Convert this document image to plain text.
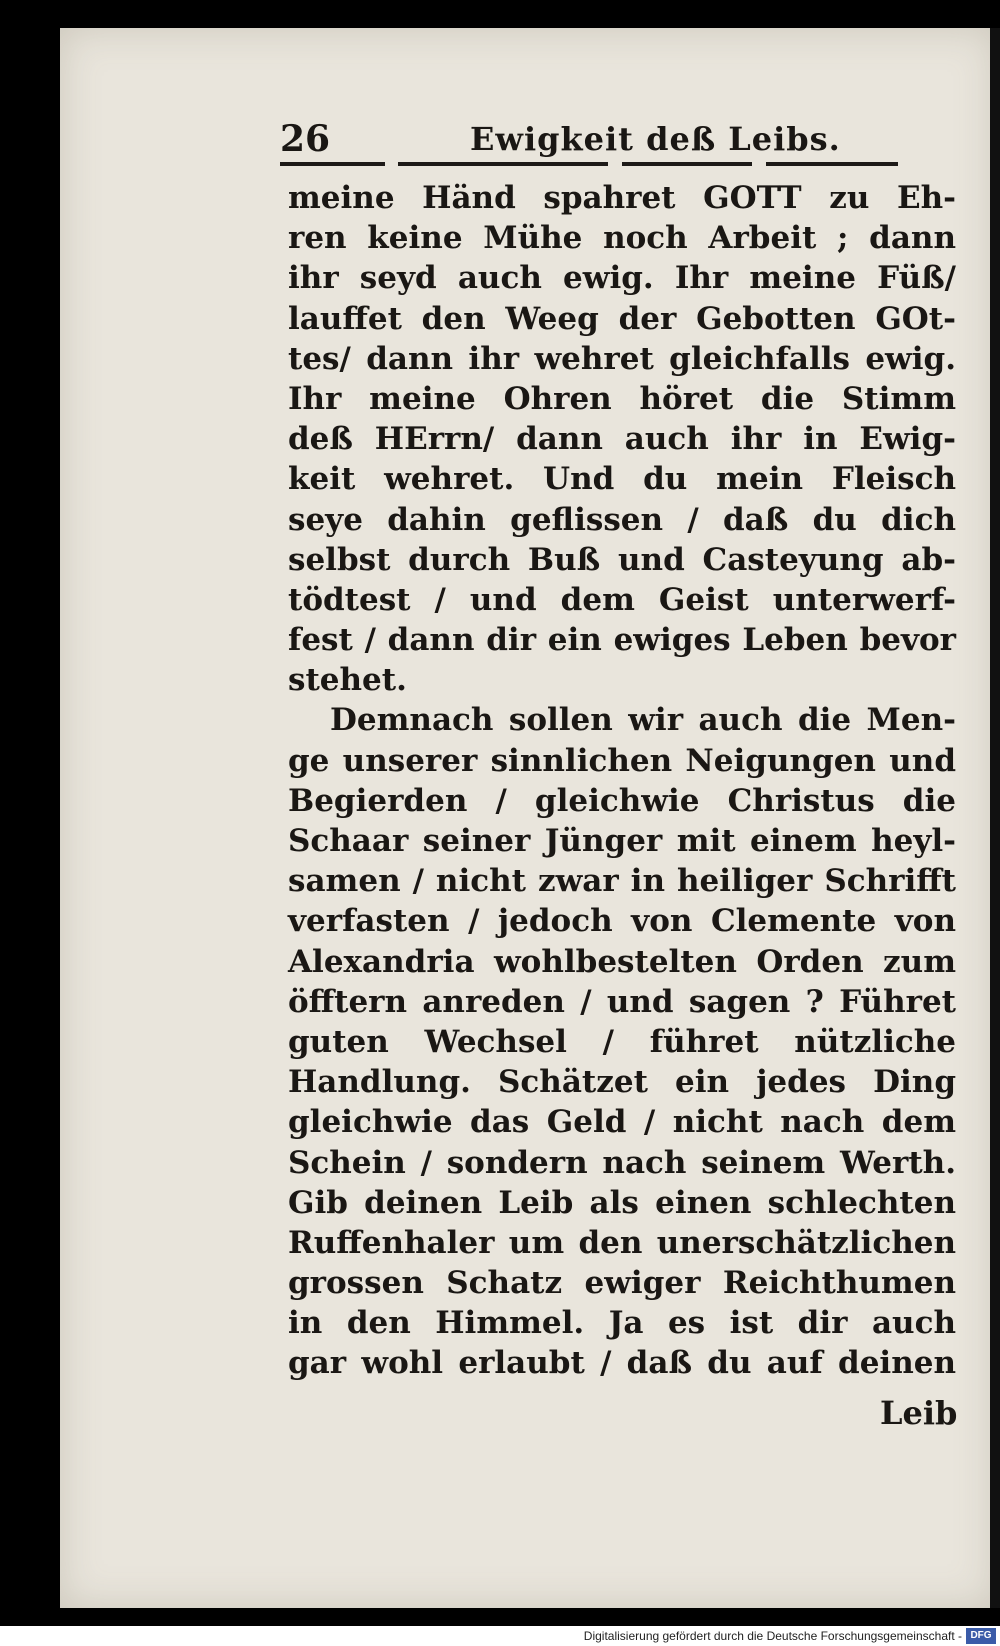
26	Ewigkeit deß Leibs.
meine Händ spahret GOTT zu Eh-
ren keine Mühe noch Arbeit ; dann
ihr seyd auch ewig. Ihr meine Füß/
lauffet den Weeg der Gebotten GOt-
tes/ dann ihr wehret gleichfalls ewig.
Ihr meine Ohren höret die Stimm
deß HErrn/ dann auch ihr in Ewig-
keit wehret. Und du mein Fleisch
seye dahin geflissen / daß du dich
selbst durch Buß und Casteyung ab-
tödtest / und dem Geist unterwerf-
fest / dann dir ein ewiges Leben bevor
stehet.
Demnach sollen wir auch die Men-
ge unserer sinnlichen Neigungen und
Begierden / gleichwie Christus die
Schaar seiner Jünger mit einem heyl-
samen / nicht zwar in heiliger Schrifft
verfasten / jedoch von Clemente von
Alexandria wohlbestelten Orden zum
öfftern anreden / und sagen ? Führet
guten Wechsel / führet nützliche
Handlung. Schätzet ein jedes Ding
gleichwie das Geld / nicht nach dem
Schein / sondern nach seinem Werth.
Gib deinen Leib als einen schlechten
Ruffenhaler um den unerschätzlichen
grossen Schatz ewiger Reichthumen
in den Himmel. Ja es ist dir auch
gar wohl erlaubt / daß du auf deinen
Leib
Digitalisierung gefördert durch die Deutsche Forschungsgemeinschaft - DFG
